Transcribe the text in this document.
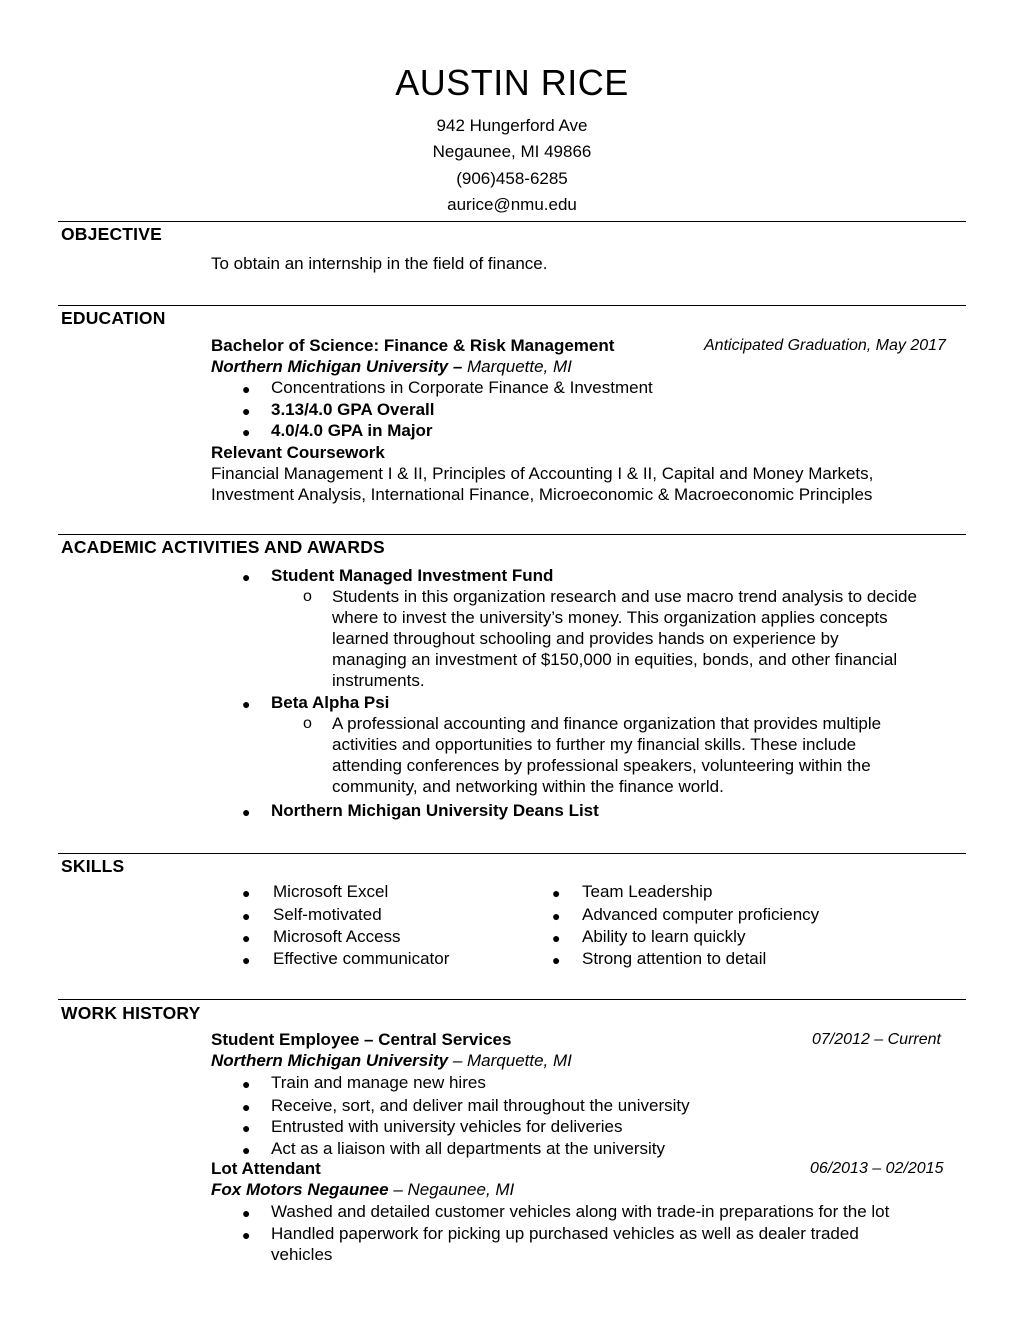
AUSTIN RICE
942 Hungerford Ave
Negaunee, MI 49866
(906)458-6285
aurice@nmu.edu
OBJECTIVE
To obtain an internship in the field of finance.
EDUCATION
Bachelor of Science: Finance & Risk Management	Anticipated Graduation, May 2017
Northern Michigan University – Marquette, MI
● Concentrations in Corporate Finance & Investment
● 3.13/4.0 GPA Overall
● 4.0/4.0 GPA in Major
Relevant Coursework
Financial Management I & II, Principles of Accounting I & II, Capital and Money Markets,
Investment Analysis, International Finance, Microeconomic & Macroeconomic Principles
ACADEMIC ACTIVITIES AND AWARDS
● Student Managed Investment Fund
o Students in this organization research and use macro trend analysis to decide
where to invest the university’s money. This organization applies concepts
learned throughout schooling and provides hands on experience by
managing an investment of $150,000 in equities, bonds, and other financial
instruments.
● Beta Alpha Psi
o A professional accounting and finance organization that provides multiple
activities and opportunities to further my financial skills. These include
attending conferences by professional speakers, volunteering within the
community, and networking within the finance world.
● Northern Michigan University Deans List
SKILLS
● Microsoft Excel
● Self-motivated
● Microsoft Access
● Effective communicator
● Team Leadership
● Advanced computer proficiency
● Ability to learn quickly
● Strong attention to detail
WORK HISTORY
Student Employee – Central Services	07/2012 – Current
Northern Michigan University – Marquette, MI
● Train and manage new hires
● Receive, sort, and deliver mail throughout the university
● Entrusted with university vehicles for deliveries
● Act as a liaison with all departments at the university
Lot Attendant	06/2013 – 02/2015
Fox Motors Negaunee – Negaunee, MI
● Washed and detailed customer vehicles along with trade-in preparations for the lot
● Handled paperwork for picking up purchased vehicles as well as dealer traded
vehicles
